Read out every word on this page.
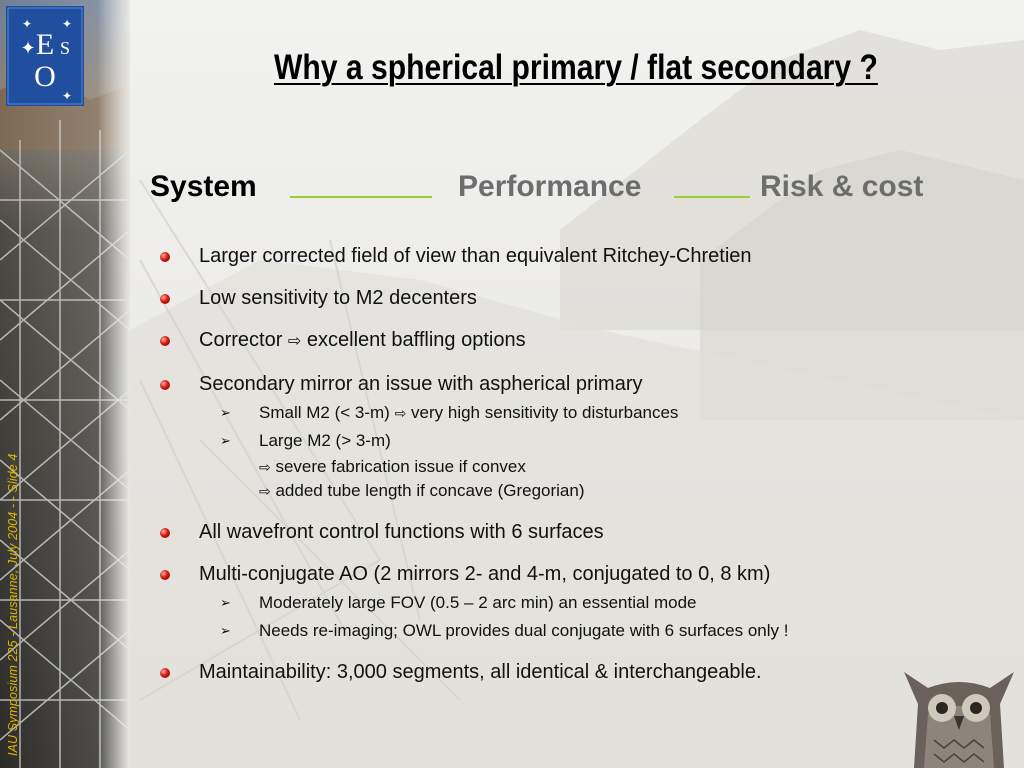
E
✦ S
O
✦ ✦
✦
IAU Symposium 225 - Lausanne, July 2004 - - Slide 4
Why a spherical primary / flat secondary ?
System	Performance	Risk & cost
Larger corrected field of view than equivalent Ritchey-Chretien
Low sensitivity to M2 decenters
Corrector ⇨ excellent baffling options
Secondary mirror an issue with aspherical primary
➢ Small M2 (< 3-m) ⇨ very high sensitivity to disturbances
➢ Large M2 (> 3-m)
⇨ severe fabrication issue if convex
⇨ added tube length if concave (Gregorian)
All wavefront control functions with 6 surfaces
Multi-conjugate AO (2 mirrors 2- and 4-m, conjugated to 0, 8 km)
➢ Moderately large FOV (0.5 – 2 arc min) an essential mode
➢ Needs re-imaging; OWL provides dual conjugate with 6 surfaces only !
Maintainability: 3,000 segments, all identical & interchangeable.
